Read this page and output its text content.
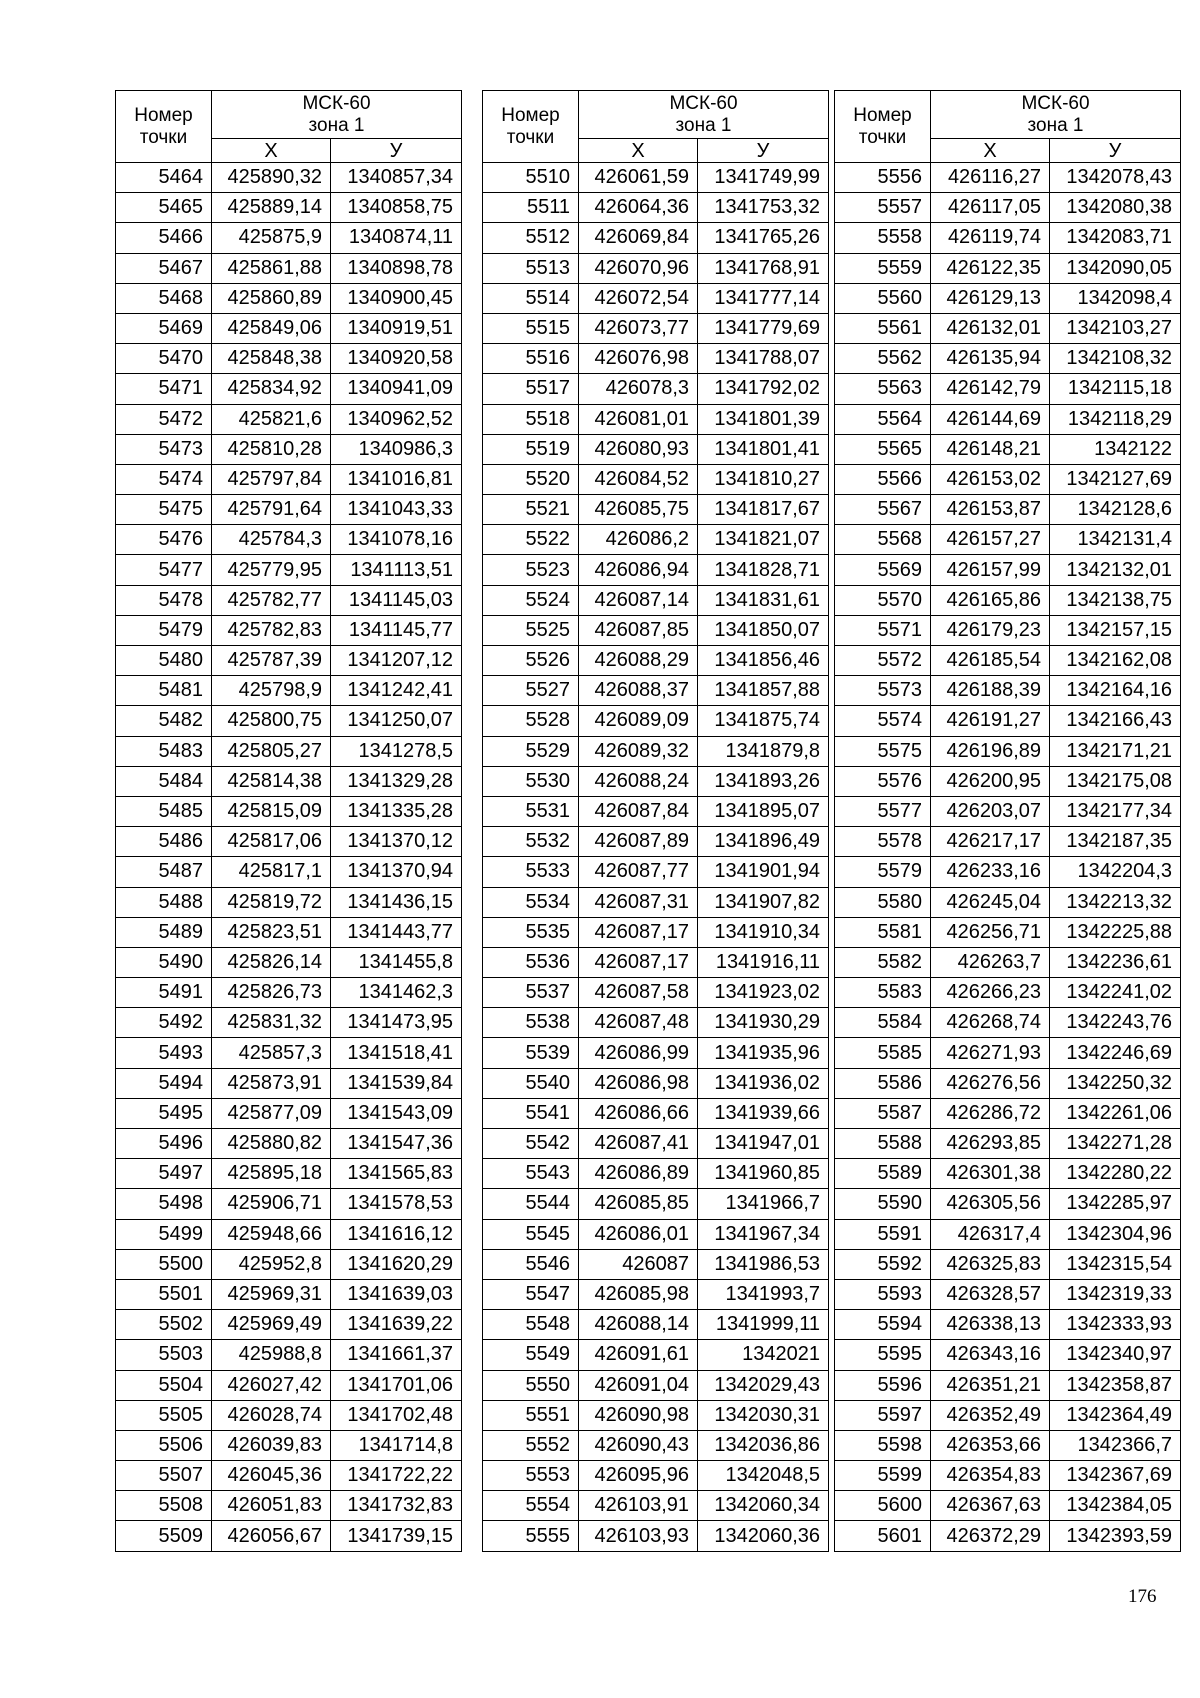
Номер
точки	МСК-60
зона 1	

	Х	У
5464	425890,32	1340857,34
5465	425889,14	1340858,75
5466	425875,9	1340874,11
5467	425861,88	1340898,78
5468	425860,89	1340900,45
5469	425849,06	1340919,51
5470	425848,38	1340920,58
5471	425834,92	1340941,09
5472	425821,6	1340962,52
5473	425810,28	1340986,3
5474	425797,84	1341016,81
5475	425791,64	1341043,33
5476	425784,3	1341078,16
5477	425779,95	1341113,51
5478	425782,77	1341145,03
5479	425782,83	1341145,77
5480	425787,39	1341207,12
5481	425798,9	1341242,41
5482	425800,75	1341250,07
5483	425805,27	1341278,5
5484	425814,38	1341329,28
5485	425815,09	1341335,28
5486	425817,06	1341370,12
5487	425817,1	1341370,94
5488	425819,72	1341436,15
5489	425823,51	1341443,77
5490	425826,14	1341455,8
5491	425826,73	1341462,3
5492	425831,32	1341473,95
5493	425857,3	1341518,41
5494	425873,91	1341539,84
5495	425877,09	1341543,09
5496	425880,82	1341547,36
5497	425895,18	1341565,83
5498	425906,71	1341578,53
5499	425948,66	1341616,12
5500	425952,8	1341620,29
5501	425969,31	1341639,03
5502	425969,49	1341639,22
5503	425988,8	1341661,37
5504	426027,42	1341701,06
5505	426028,74	1341702,48
5506	426039,83	1341714,8
5507	426045,36	1341722,22
5508	426051,83	1341732,83
5509	426056,67	1341739,15
Номер
точки	МСК-60
зона 1	

	Х	У
5510	426061,59	1341749,99
5511	426064,36	1341753,32
5512	426069,84	1341765,26
5513	426070,96	1341768,91
5514	426072,54	1341777,14
5515	426073,77	1341779,69
5516	426076,98	1341788,07
5517	426078,3	1341792,02
5518	426081,01	1341801,39
5519	426080,93	1341801,41
5520	426084,52	1341810,27
5521	426085,75	1341817,67
5522	426086,2	1341821,07
5523	426086,94	1341828,71
5524	426087,14	1341831,61
5525	426087,85	1341850,07
5526	426088,29	1341856,46
5527	426088,37	1341857,88
5528	426089,09	1341875,74
5529	426089,32	1341879,8
5530	426088,24	1341893,26
5531	426087,84	1341895,07
5532	426087,89	1341896,49
5533	426087,77	1341901,94
5534	426087,31	1341907,82
5535	426087,17	1341910,34
5536	426087,17	1341916,11
5537	426087,58	1341923,02
5538	426087,48	1341930,29
5539	426086,99	1341935,96
5540	426086,98	1341936,02
5541	426086,66	1341939,66
5542	426087,41	1341947,01
5543	426086,89	1341960,85
5544	426085,85	1341966,7
5545	426086,01	1341967,34
5546	426087	1341986,53
5547	426085,98	1341993,7
5548	426088,14	1341999,11
5549	426091,61	1342021
5550	426091,04	1342029,43
5551	426090,98	1342030,31
5552	426090,43	1342036,86
5553	426095,96	1342048,5
5554	426103,91	1342060,34
5555	426103,93	1342060,36
Номер
точки	МСК-60
зона 1	

	Х	У
5556	426116,27	1342078,43
5557	426117,05	1342080,38
5558	426119,74	1342083,71
5559	426122,35	1342090,05
5560	426129,13	1342098,4
5561	426132,01	1342103,27
5562	426135,94	1342108,32
5563	426142,79	1342115,18
5564	426144,69	1342118,29
5565	426148,21	1342122
5566	426153,02	1342127,69
5567	426153,87	1342128,6
5568	426157,27	1342131,4
5569	426157,99	1342132,01
5570	426165,86	1342138,75
5571	426179,23	1342157,15
5572	426185,54	1342162,08
5573	426188,39	1342164,16
5574	426191,27	1342166,43
5575	426196,89	1342171,21
5576	426200,95	1342175,08
5577	426203,07	1342177,34
5578	426217,17	1342187,35
5579	426233,16	1342204,3
5580	426245,04	1342213,32
5581	426256,71	1342225,88
5582	426263,7	1342236,61
5583	426266,23	1342241,02
5584	426268,74	1342243,76
5585	426271,93	1342246,69
5586	426276,56	1342250,32
5587	426286,72	1342261,06
5588	426293,85	1342271,28
5589	426301,38	1342280,22
5590	426305,56	1342285,97
5591	426317,4	1342304,96
5592	426325,83	1342315,54
5593	426328,57	1342319,33
5594	426338,13	1342333,93
5595	426343,16	1342340,97
5596	426351,21	1342358,87
5597	426352,49	1342364,49
5598	426353,66	1342366,7
5599	426354,83	1342367,69
5600	426367,63	1342384,05
5601	426372,29	1342393,59
176
